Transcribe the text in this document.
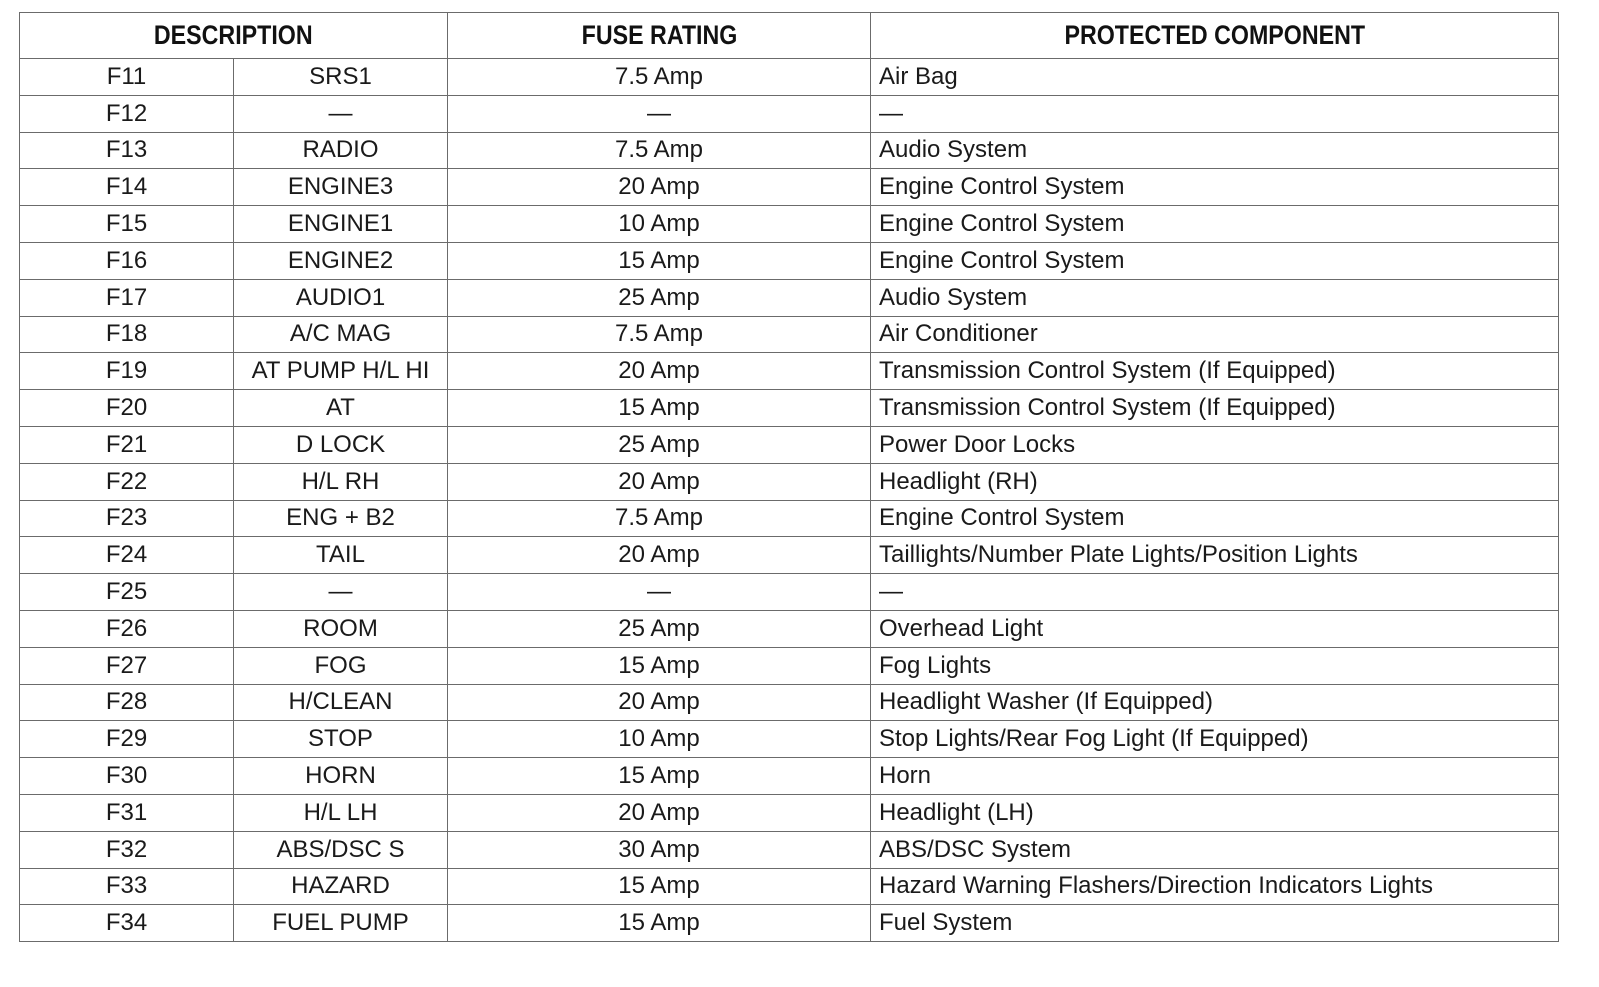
DESCRIPTION		FUSE RATING	PROTECTED COMPONENT
F11	SRS1	7.5 Amp	Air Bag
F12	—	—	—
F13	RADIO	7.5 Amp	Audio System
F14	ENGINE3	20 Amp	Engine Control System
F15	ENGINE1	10 Amp	Engine Control System
F16	ENGINE2	15 Amp	Engine Control System
F17	AUDIO1	25 Amp	Audio System
F18	A/C MAG	7.5 Amp	Air Conditioner
F19	AT PUMP H/L HI	20 Amp	Transmission Control System (If Equipped)
F20	AT	15 Amp	Transmission Control System (If Equipped)
F21	D LOCK	25 Amp	Power Door Locks
F22	H/L RH	20 Amp	Headlight (RH)
F23	ENG + B2	7.5 Amp	Engine Control System
F24	TAIL	20 Amp	Taillights/Number Plate Lights/Position Lights
F25	—	—	—
F26	ROOM	25 Amp	Overhead Light
F27	FOG	15 Amp	Fog Lights
F28	H/CLEAN	20 Amp	Headlight Washer (If Equipped)
F29	STOP	10 Amp	Stop Lights/Rear Fog Light (If Equipped)
F30	HORN	15 Amp	Horn
F31	H/L LH	20 Amp	Headlight (LH)
F32	ABS/DSC S	30 Amp	ABS/DSC System
F33	HAZARD	15 Amp	Hazard Warning Flashers/Direction Indicators Lights
F34	FUEL PUMP	15 Amp	Fuel System
